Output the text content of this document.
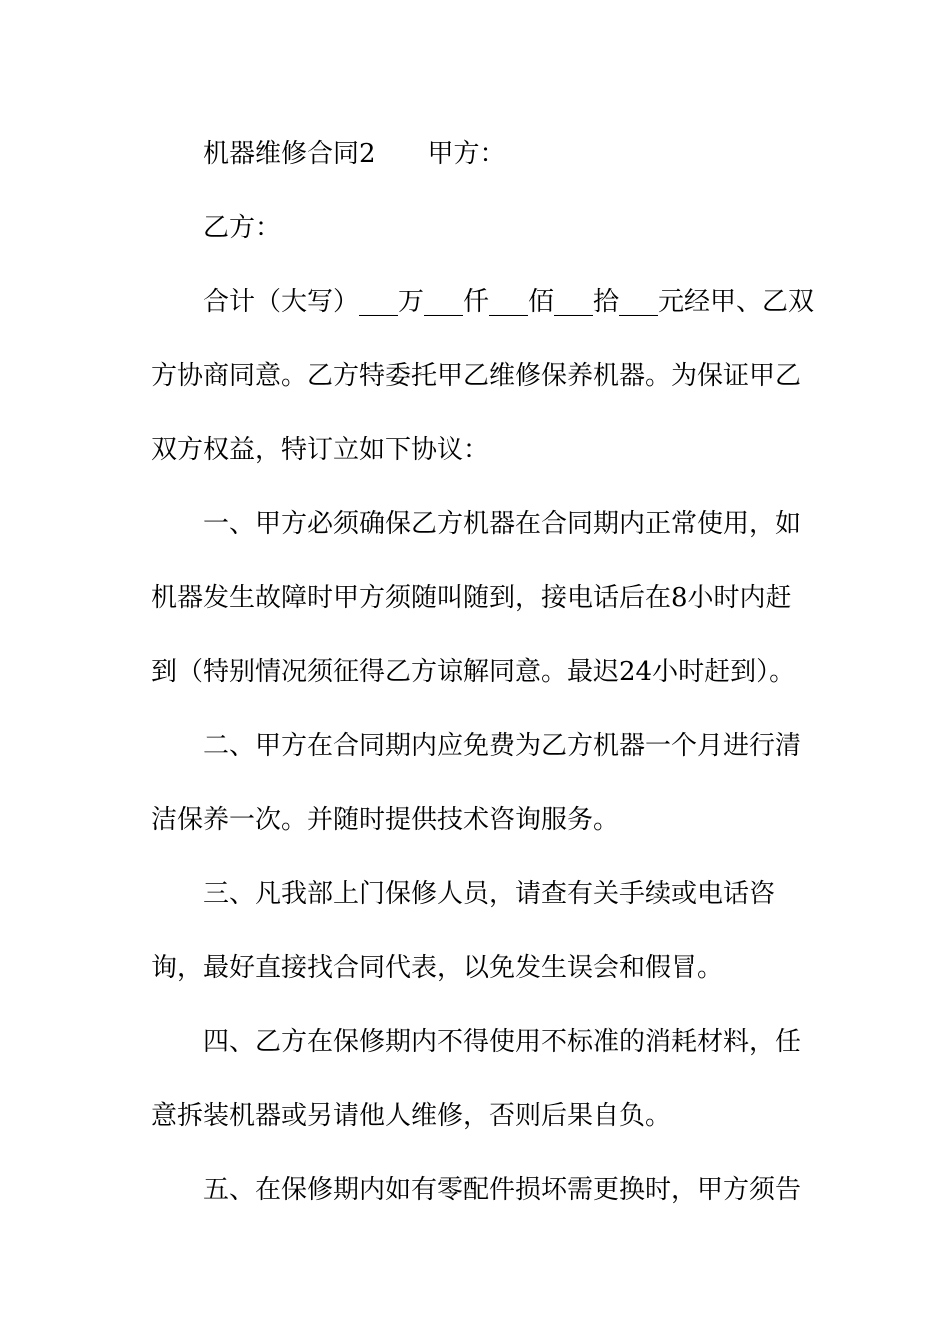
机器维修合同2　　甲方：
乙方：
合计（大写）___万___仟___佰___拾___元经甲、乙双
方协商同意。乙方特委托甲乙维修保养机器。为保证甲乙
双方权益，特订立如下协议：
一、甲方必须确保乙方机器在合同期内正常使用，如
机器发生故障时甲方须随叫随到，接电话后在8小时内赶
到（特别情况须征得乙方谅解同意。最迟24小时赶到）。
二、甲方在合同期内应免费为乙方机器一个月进行清
洁保养一次。并随时提供技术咨询服务。
三、凡我部上门保修人员，请查有关手续或电话咨
询，最好直接找合同代表，以免发生误会和假冒。
四、乙方在保修期内不得使用不标准的消耗材料，任
意拆装机器或另请他人维修，否则后果自负。
五、在保修期内如有零配件损坏需更换时，甲方须告
